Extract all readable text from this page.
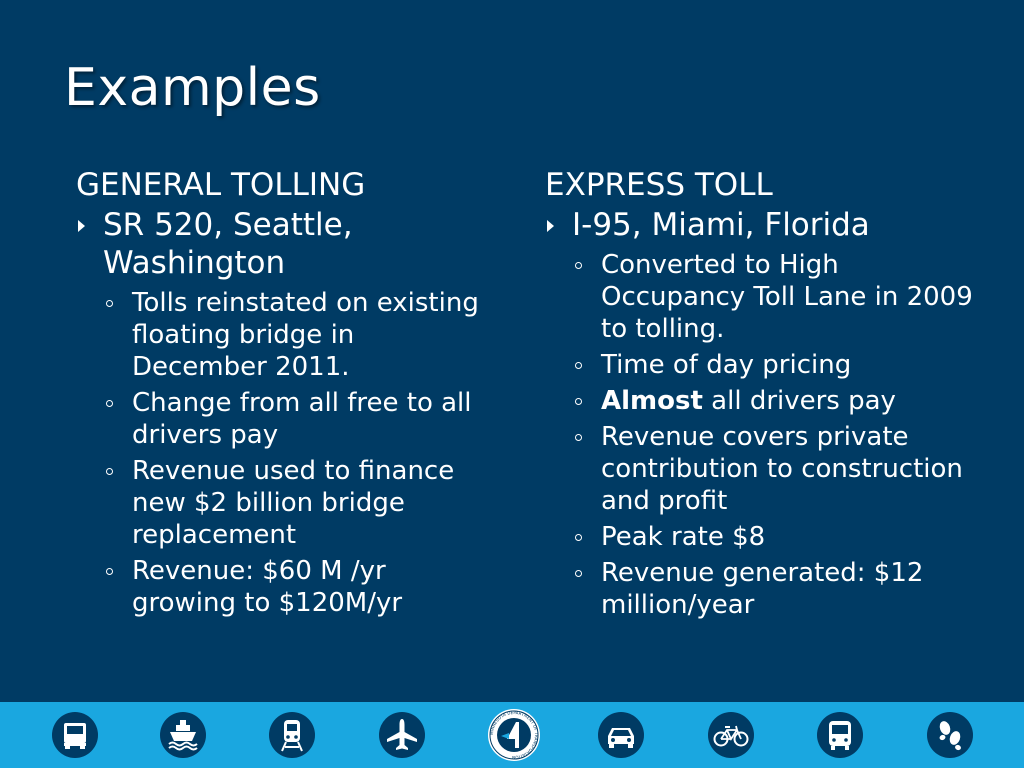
Examples
GENERAL TOLLING
SR 520, Seattle, Washington
Tolls reinstated on existing floating bridge in December 2011.
Change from all free to all drivers pay
Revenue used to finance new $2 billion bridge replacement
Revenue: $60 M /yr growing to $120M/yr
EXPRESS TOLL
I-95, Miami, Florida
Converted to High Occupancy Toll Lane in 2009 to tolling.
Time of day pricing
Almost all drivers pay
Revenue covers private contribution to construction and profit
Peak rate $8
Revenue generated: $12 million/year
MINNESOTA DEPARTMENT OF TRANSPORTATION
